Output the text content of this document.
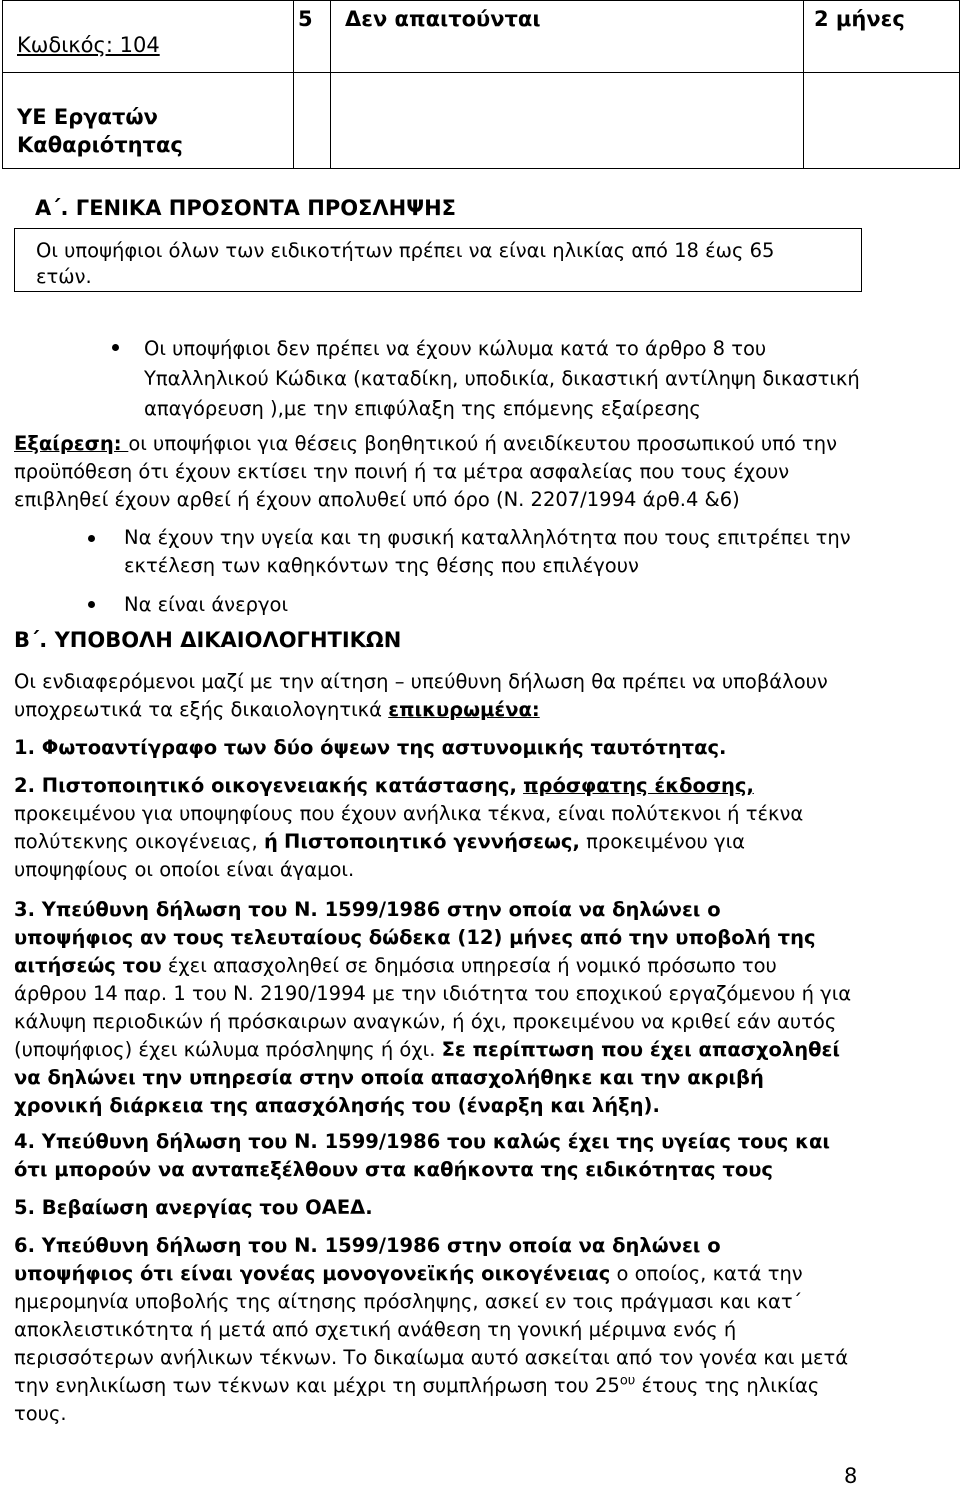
Κωδικός: 104	5	Δεν απαιτούνται	2 μήνες

ΥΕ Εργατών
Καθαριότητας			

Α΄. ΓΕΝΙΚΑ ΠΡΟΣΟΝΤΑ ΠΡΟΣΛΗΨΗΣ
Οι υποψήφιοι όλων των ειδικοτήτων πρέπει να είναι ηλικίας από 18 έως 65
ετών.
Οι υποψήφιοι δεν πρέπει να έχουν κώλυμα κατά το άρθρο 8 του
Υπαλληλικού Κώδικα (καταδίκη, υποδικία, δικαστική αντίληψη δικαστική
απαγόρευση ),με την επιφύλαξη της επόμενης εξαίρεσης
Εξαίρεση: οι υποψήφιοι για θέσεις βοηθητικού ή ανειδίκευτου προσωπικού υπό την
προϋπόθεση ότι έχουν εκτίσει την ποινή ή τα μέτρα ασφαλείας που τους έχουν
επιβληθεί έχουν αρθεί ή έχουν απολυθεί υπό όρο (Ν. 2207/1994 άρθ.4 &6)
Να έχουν την υγεία και τη φυσική καταλληλότητα που τους επιτρέπει την
εκτέλεση των καθηκόντων της θέσης που επιλέγουν
Να είναι άνεργοι
Β΄. ΥΠΟΒΟΛΗ ΔΙΚΑΙΟΛΟΓΗΤΙΚΩΝ
Οι ενδιαφερόμενοι μαζί με την αίτηση – υπεύθυνη δήλωση θα πρέπει να υποβάλουν
υποχρεωτικά τα εξής δικαιολογητικά επικυρωμένα:
1. Φωτοαντίγραφο των δύο όψεων της αστυνομικής ταυτότητας.
2. Πιστοποιητικό οικογενειακής κατάστασης, πρόσφατης έκδοσης,
προκειμένου για υποψηφίους που έχουν ανήλικα τέκνα, είναι πολύτεκνοι ή τέκνα
πολύτεκνης οικογένειας, ή Πιστοποιητικό γεννήσεως, προκειμένου για
υποψηφίους οι οποίοι είναι άγαμοι.
3. Υπεύθυνη δήλωση του Ν. 1599/1986 στην οποία να δηλώνει ο
υποψήφιος αν τους τελευταίους δώδεκα (12) μήνες από την υποβολή της
αιτήσεώς του έχει απασχοληθεί σε δημόσια υπηρεσία ή νομικό πρόσωπο του
άρθρου 14 παρ. 1 του Ν. 2190/1994 με την ιδιότητα του εποχικού εργαζόμενου ή για
κάλυψη περιοδικών ή πρόσκαιρων αναγκών, ή όχι, προκειμένου να κριθεί εάν αυτός
(υποψήφιος) έχει κώλυμα πρόσληψης ή όχι. Σε περίπτωση που έχει απασχοληθεί
να δηλώνει την υπηρεσία στην οποία απασχολήθηκε και την ακριβή
χρονική διάρκεια της απασχόλησής του (έναρξη και λήξη).
4. Υπεύθυνη δήλωση του Ν. 1599/1986 του καλώς έχει της υγείας τους και
ότι μπορούν να ανταπεξέλθουν στα καθήκοντα της ειδικότητας τους
5. Βεβαίωση ανεργίας του ΟΑΕΔ.
6. Υπεύθυνη δήλωση του Ν. 1599/1986 στην οποία να δηλώνει ο
υποψήφιος ότι είναι γονέας μονογονεϊκής οικογένειας ο οποίος, κατά την
ημερομηνία υποβολής της αίτησης πρόσληψης, ασκεί εν τοις πράγμασι και κατ΄
αποκλειστικότητα ή μετά από σχετική ανάθεση τη γονική μέριμνα ενός ή
περισσότερων ανήλικων τέκνων. Το δικαίωμα αυτό ασκείται από τον γονέα και μετά
την ενηλικίωση των τέκνων και μέχρι τη συμπλήρωση του $25^{o\upsilon}$ έτους της ηλικίας
τους.
8
